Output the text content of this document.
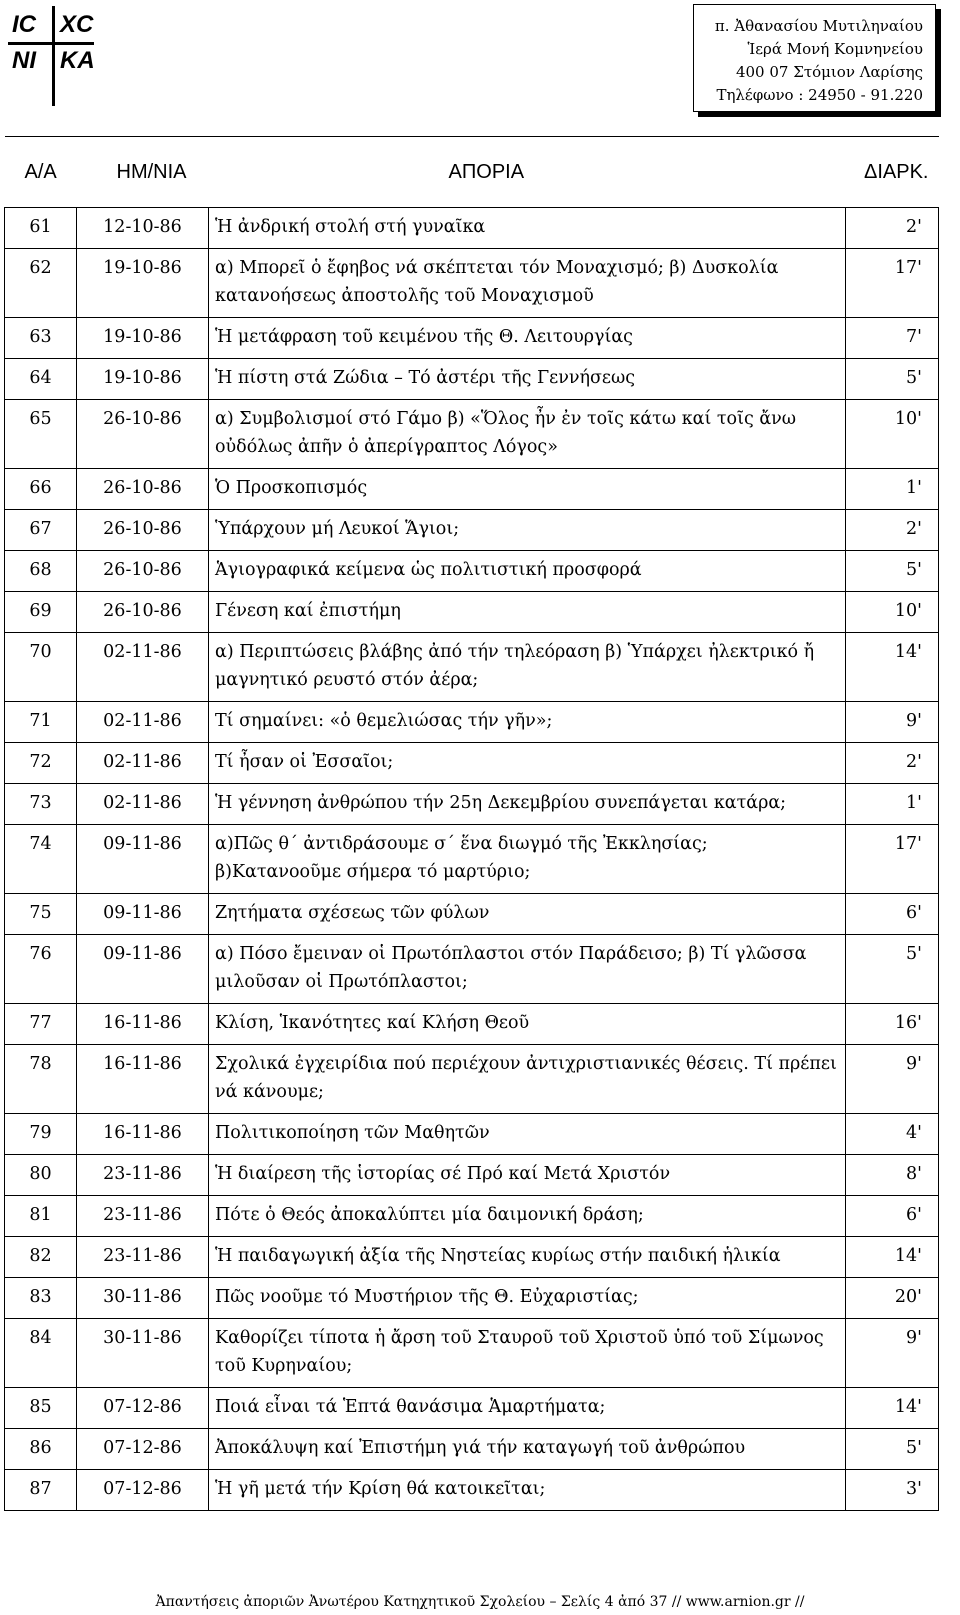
IC XC
NI KA
π. Ἀθανασίου Μυτιληναίου
Ἱερά Μονή Κομνηνείου
400 07 Στόμιον Λαρίσης
Τηλέφωνο : 24950 - 91.220
Α/Α	ΗΜ/ΝΙΑ	ΑΠΟΡΙΑ	ΔΙΑΡΚ.
61	12-10-86	Ἡ ἀνδρική στολή στή γυναῖκα	2'
62	19-10-86	α) Μπορεῖ ὁ ἔφηβος νά σκέπτεται τόν Μοναχισμό; β) Δυσκολία κατανοήσεως ἀποστολῆς τοῦ Μοναχισμοῦ	17'
63	19-10-86	Ἡ μετάφραση τοῦ κειμένου τῆς Θ. Λειτουργίας	7'
64	19-10-86	Ἡ πίστη στά Ζώδια – Τό ἀστέρι τῆς Γεννήσεως	5'
65	26-10-86	α) Συμβολισμοί στό Γάμο β) «Ὅλος ἦν ἐν τοῖς κάτω καί τοῖς ἄνω οὐδόλως ἀπῆν ὁ ἀπερίγραπτος Λόγος»	10'
66	26-10-86	Ὁ Προσκοπισμός	1'
67	26-10-86	Ὑπάρχουν μή Λευκοί Ἅγιοι;	2'
68	26-10-86	Ἁγιογραφικά κείμενα ὡς πολιτιστική προσφορά	5'
69	26-10-86	Γένεση καί ἐπιστήμη	10'
70	02-11-86	α) Περιπτώσεις βλάβης ἀπό τήν τηλεόραση β) Ὑπάρχει ἠλεκτρικό ἤ μαγνητικό ρευστό στόν ἀέρα;	14'
71	02-11-86	Τί σημαίνει: «ὁ θεμελιώσας τήν γῆν»;	9'
72	02-11-86	Τί ἦσαν οἱ Ἐσσαῖοι;	2'
73	02-11-86	Ἡ γέννηση ἀνθρώπου τήν 25η Δεκεμβρίου συνεπάγεται κατάρα;	1'
74	09-11-86	α)Πῶς θ΄ ἀντιδράσουμε σ΄ ἕνα διωγμό τῆς Ἐκκλησίας; β)Κατανοοῦμε σήμερα τό μαρτύριο;	17'
75	09-11-86	Ζητήματα σχέσεως τῶν φύλων	6'
76	09-11-86	α) Πόσο ἔμειναν οἱ Πρωτόπλαστοι στόν Παράδεισο; β) Τί γλῶσσα μιλοῦσαν οἱ Πρωτόπλαστοι;	5'
77	16-11-86	Κλίση, Ἱκανότητες καί Κλήση Θεοῦ	16'
78	16-11-86	Σχολικά ἐγχειρίδια πού περιέχουν ἀντιχριστιανικές θέσεις. Τί πρέπει νά κάνουμε;	9'
79	16-11-86	Πολιτικοποίηση τῶν Μαθητῶν	4'
80	23-11-86	Ἡ διαίρεση τῆς ἱστορίας σέ Πρό καί Μετά Χριστόν	8'
81	23-11-86	Πότε ὁ Θεός ἀποκαλύπτει μία δαιμονική δράση;	6'
82	23-11-86	Ἡ παιδαγωγική ἀξία τῆς Νηστείας κυρίως στήν παιδική ἡλικία	14'
83	30-11-86	Πῶς νοοῦμε τό Μυστήριον τῆς Θ. Εὐχαριστίας;	20'
84	30-11-86	Καθορίζει τίποτα ἡ ἄρση τοῦ Σταυροῦ τοῦ Χριστοῦ ὑπό τοῦ Σίμωνος τοῦ Κυρηναίου;	9'
85	07-12-86	Ποιά εἶναι τά Ἑπτά θανάσιμα Ἁμαρτήματα;	14'
86	07-12-86	Ἀποκάλυψη καί Ἐπιστήμη γιά τήν καταγωγή τοῦ ἀνθρώπου	5'
87	07-12-86	Ἡ γῆ μετά τήν Κρίση θά κατοικεῖται;	3'
Ἀπαντήσεις ἀποριῶν Ἀνωτέρου Κατηχητικοῦ Σχολείου – Σελίς 4 ἀπό 37 // www.arnion.gr //
